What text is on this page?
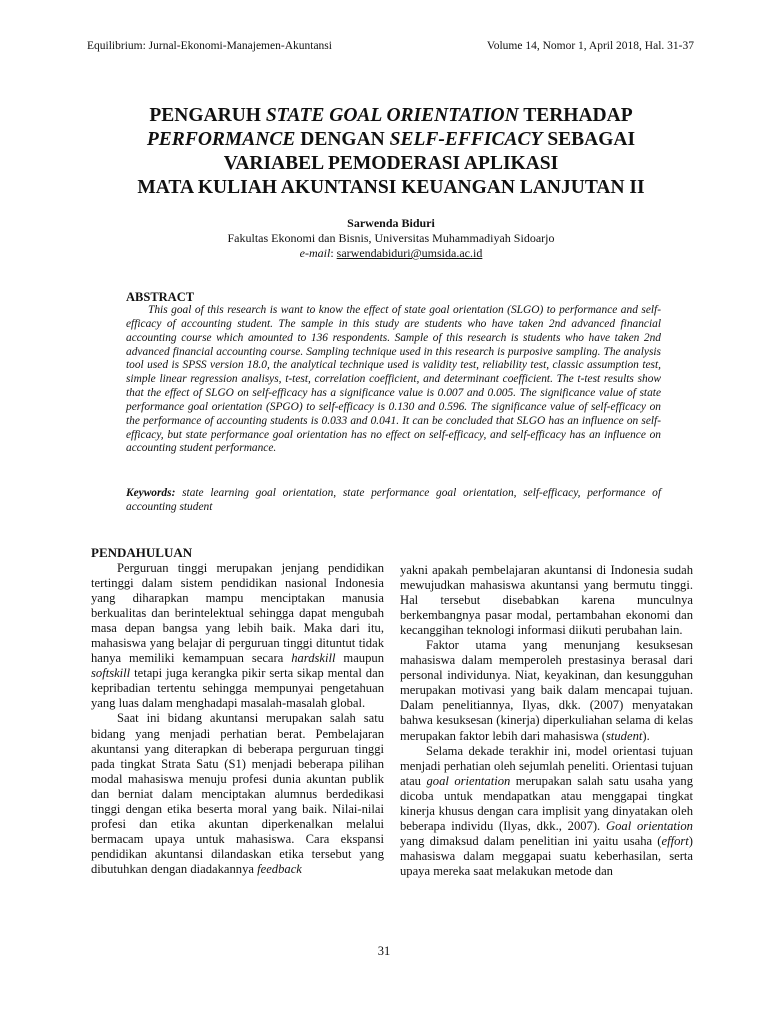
Equilibrium: Jurnal-Ekonomi-Manajemen-Akuntansi	Volume 14, Nomor 1, April 2018, Hal. 31-37
PENGARUH STATE GOAL ORIENTATION TERHADAP
PERFORMANCE DENGAN SELF-EFFICACY SEBAGAI
VARIABEL PEMODERASI APLIKASI
MATA KULIAH AKUNTANSI KEUANGAN LANJUTAN II
Sarwenda Biduri
Fakultas Ekonomi dan Bisnis, Universitas Muhammadiyah Sidoarjo
e-mail: sarwendabiduri@umsida.ac.id
ABSTRACT

This goal of this research is want to know the effect of state goal orientation (SLGO) to performance and self-efficacy of accounting student. The sample in this study are students who have taken 2nd advanced financial accounting course which amounted to 136 respondents. Sample of this research is students who have taken 2nd advanced financial accounting course. Sampling technique used in this research is purposive sampling. The analysis tool used is SPSS version 18.0, the analytical technique used is validity test, reliability test, classic assumption test, simple linear regression analisys, t-test, correlation coefficient, and determinant coefficient. The t-test results show that the effect of SLGO on self-efficacy has a significance value is 0.007 and 0.005. The significance value of state performance goal orientation (SPGO) to self-efficacy is 0.130 and 0.596. The significance value of self-efficacy on the performance of accounting students is 0.033 and 0.041. It can be concluded that SLGO has an influence on self-efficacy, but state performance goal orientation has no effect on self-efficacy, and self-efficacy has an influence on accounting student performance.

Keywords: state learning goal orientation, state performance goal orientation, self-efficacy, performance of accounting student

PENDAHULUAN

Perguruan tinggi merupakan jenjang pendidikan tertinggi dalam sistem pendidikan nasional Indonesia yang diharapkan mampu menciptakan manusia berkualitas dan berintelektual sehingga dapat mengubah masa depan bangsa yang lebih baik. Maka dari itu, mahasiswa yang belajar di perguruan tinggi dituntut tidak hanya memiliki kemampuan secara hardskill maupun softskill tetapi juga kerangka pikir serta sikap mental dan kepribadian tertentu sehingga mempunyai pengetahuan yang luas dalam menghadapi masalah-masalah global.

Saat ini bidang akuntansi merupakan salah satu bidang yang menjadi perhatian berat. Pembelajaran akuntansi yang diterapkan di beberapa perguruan tinggi pada tingkat Strata Satu (S1) menjadi beberapa pilihan modal mahasiswa menuju profesi dunia akuntan publik dan berniat dalam menciptakan alumnus berdedikasi tinggi dengan etika beserta moral yang baik. Nilai-nilai profesi dan etika akuntan diperkenalkan melalui bermacam upaya untuk mahasiswa. Cara ekspansi pendidikan akuntansi dilandaskan etika tersebut yang dibutuhkan dengan diadakannya feedback

yakni apakah pembelajaran akuntansi di Indonesia sudah mewujudkan mahasiswa akuntansi yang bermutu tinggi. Hal tersebut disebabkan karena munculnya berkembangnya pasar modal, pertambahan ekonomi dan kecanggihan teknologi informasi diikuti perubahan lain.

Faktor utama yang menunjang kesuksesan mahasiswa dalam memperoleh prestasinya berasal dari personal individunya. Niat, keyakinan, dan kesungguhan merupakan motivasi yang baik dalam mencapai tujuan. Dalam penelitiannya, Ilyas, dkk. (2007) menyatakan bahwa kesuksesan (kinerja) diperkuliahan selama di kelas merupakan faktor lebih dari mahasiswa (student).

Selama dekade terakhir ini, model orientasi tujuan menjadi perhatian oleh sejumlah peneliti. Orientasi tujuan atau goal orientation merupakan salah satu usaha yang dicoba untuk mendapatkan atau menggapai tingkat kinerja khusus dengan cara implisit yang dinyatakan oleh beberapa individu (Ilyas, dkk., 2007). Goal orientation yang dimaksud dalam penelitian ini yaitu usaha (effort) mahasiswa dalam meggapai suatu keberhasilan, serta upaya mereka saat melakukan metode dan

31
